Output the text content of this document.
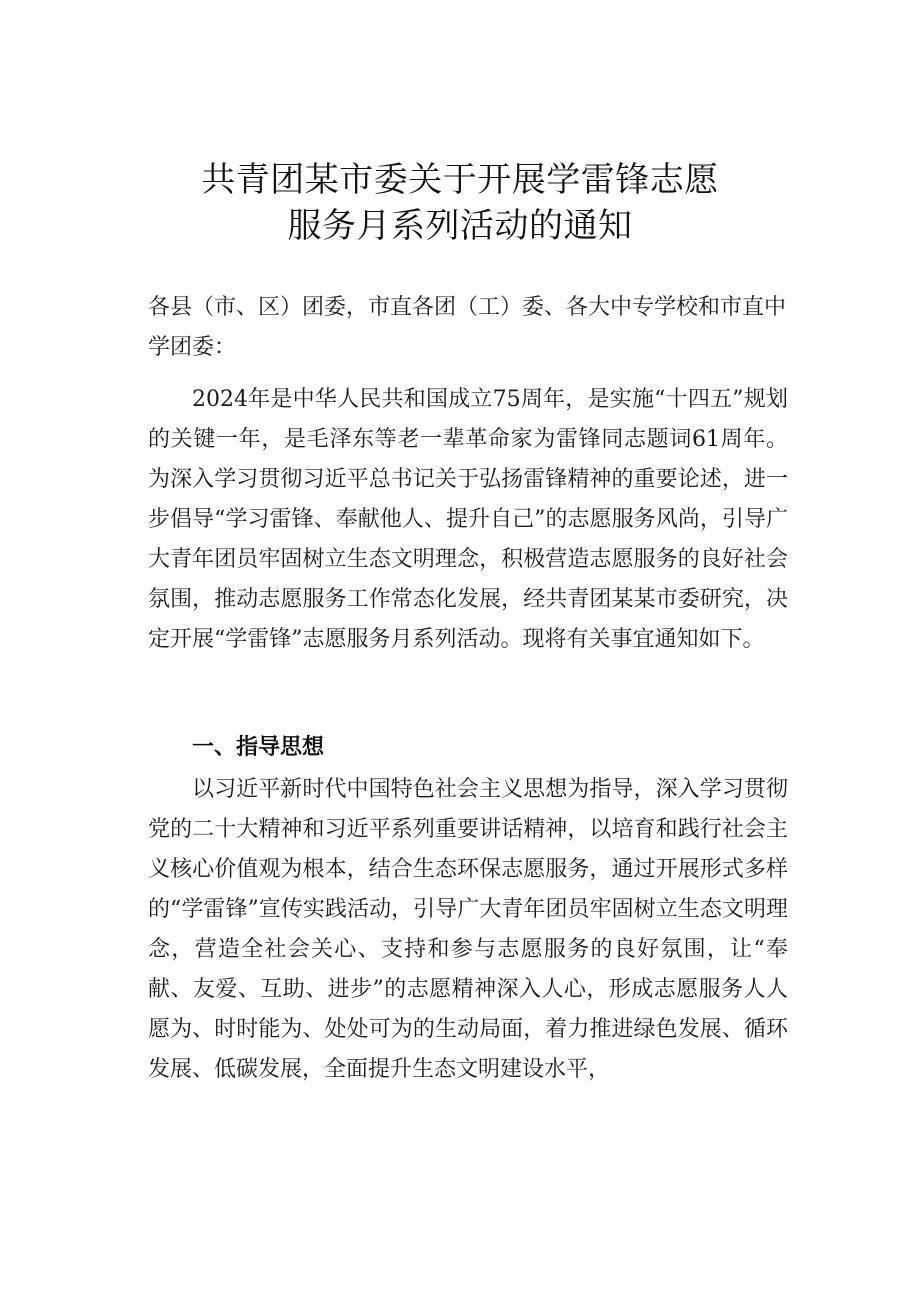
共青团某市委关于开展学雷锋志愿
服务月系列活动的通知
各县（市、区）团委，市直各团（工）委、各大中专学校和市直中学团委：
2024年是中华人民共和国成立75周年，是实施“十四五”规划的关键一年，是毛泽东等老一辈革命家为雷锋同志题词61周年。为深入学习贯彻习近平总书记关于弘扬雷锋精神的重要论述，进一步倡导“学习雷锋、奉献他人、提升自己”的志愿服务风尚，引导广大青年团员牢固树立生态文明理念，积极营造志愿服务的良好社会氛围，推动志愿服务工作常态化发展，经共青团某某市委研究，决定开展“学雷锋”志愿服务月系列活动。现将有关事宜通知如下。
一、指导思想
以习近平新时代中国特色社会主义思想为指导，深入学习贯彻党的二十大精神和习近平系列重要讲话精神，以培育和践行社会主义核心价值观为根本，结合生态环保志愿服务，通过开展形式多样的“学雷锋”宣传实践活动，引导广大青年团员牢固树立生态文明理念，营造全社会关心、支持和参与志愿服务的良好氛围，让“奉献、友爱、互助、进步”的志愿精神深入人心，形成志愿服务人人愿为、时时能为、处处可为的生动局面，着力推进绿色发展、循环发展、低碳发展，全面提升生态文明建设水平，
